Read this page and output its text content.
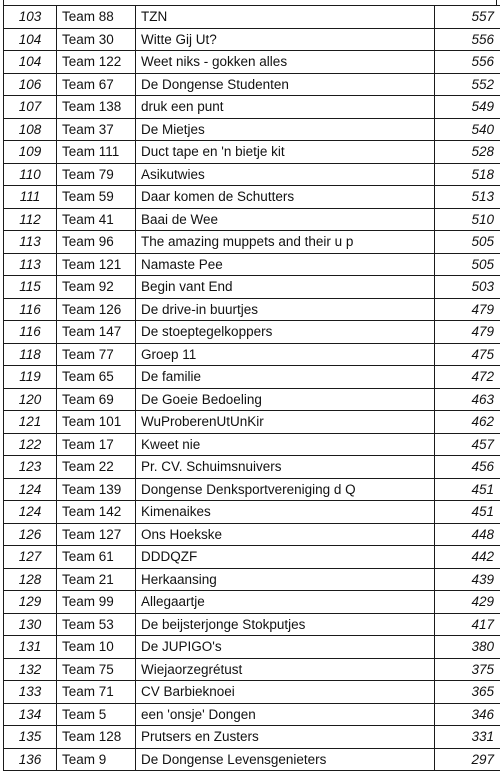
103	Team 88	TZN	557
104	Team 30	Witte Gij Ut?	556
104	Team 122	Weet niks - gokken alles	556
106	Team 67	De Dongense Studenten	552
107	Team 138	druk een punt	549
108	Team 37	De Mietjes	540
109	Team 111	Duct tape en 'n bietje kit	528
110	Team 79	Asikutwies	518
111	Team 59	Daar komen de Schutters	513
112	Team 41	Baai de Wee	510
113	Team 96	The amazing muppets and their u p	505
113	Team 121	Namaste Pee	505
115	Team 92	Begin vant End	503
116	Team 126	De drive-in buurtjes	479
116	Team 147	De stoeptegelkoppers	479
118	Team 77	Groep 11	475
119	Team 65	De familie	472
120	Team 69	De Goeie Bedoeling	463
121	Team 101	WuProberenUtUnKir	462
122	Team 17	Kweet nie	457
123	Team 22	Pr. CV. Schuimsnuivers	456
124	Team 139	Dongense Denksportvereniging d Q	451
124	Team 142	Kimenaikes	451
126	Team 127	Ons Hoekske	448
127	Team 61	DDDQZF	442
128	Team 21	Herkaansing	439
129	Team 99	Allegaartje	429
130	Team 53	De beijsterjonge Stokputjes	417
131	Team 10	De JUPIGO's	380
132	Team 75	Wiejaorzegrétust	375
133	Team 71	CV Barbieknoei	365
134	Team 5	een 'onsje' Dongen	346
135	Team 128	Prutsers en Zusters	331
136	Team 9	De Dongense Levensgenieters	297
